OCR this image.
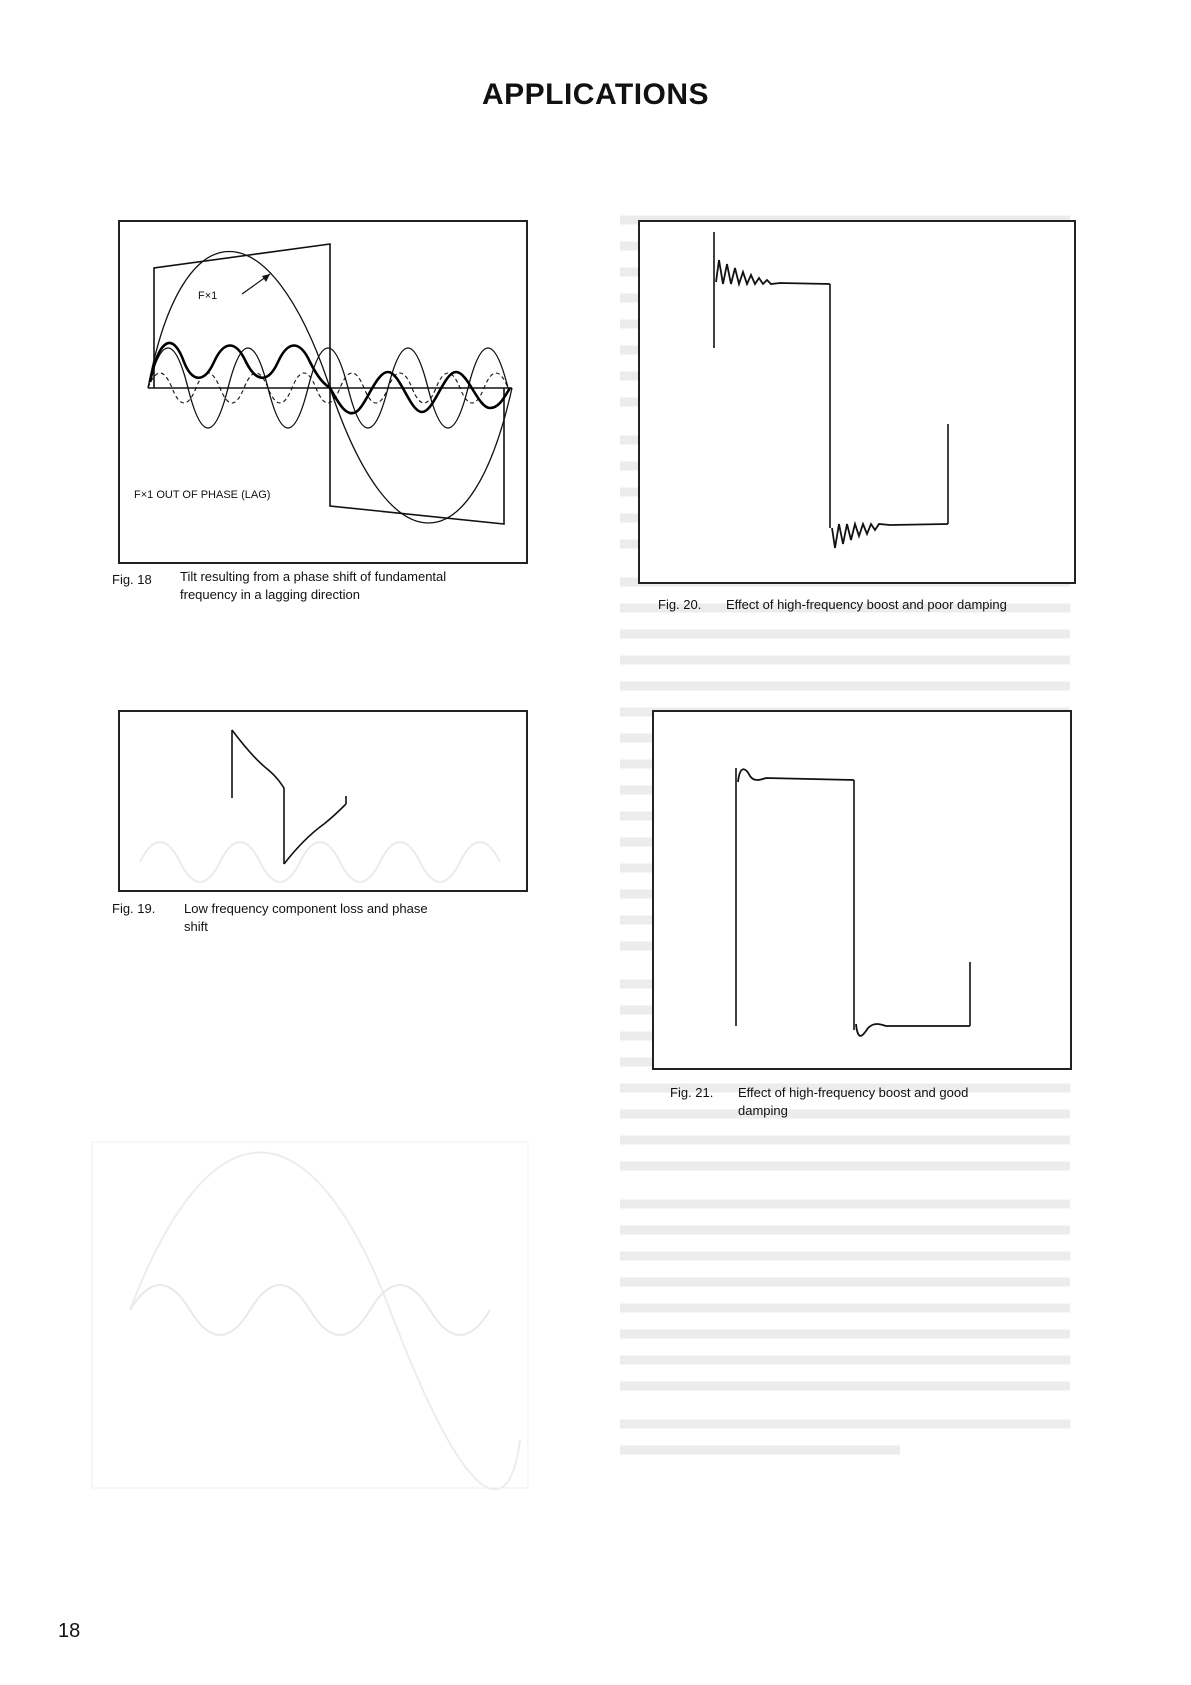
APPLICATIONS
F×1
F×1 OUT OF PHASE (LAG)
Fig. 18 Tilt resulting from a phase shift of fundamental frequency in a lagging direction
Fig. 19. Low frequency component loss and phase shift
Fig. 20. Effect of high-frequency boost and poor damping
Fig. 21. Effect of high-frequency boost and good damping
18
